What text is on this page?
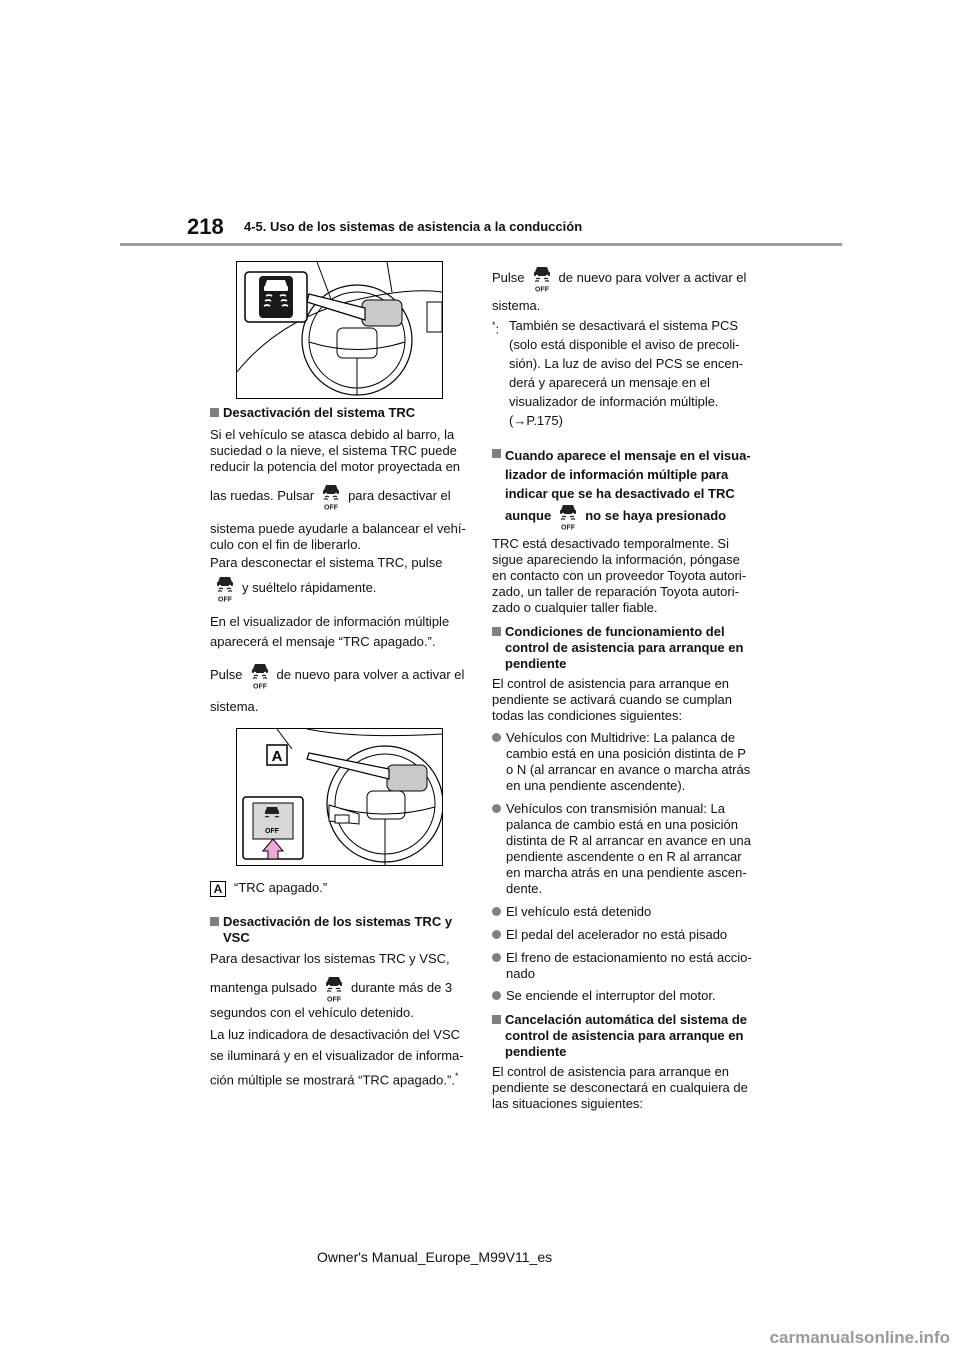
218 4-5. Uso de los sistemas de asistencia a la conducción

Desactivación del sistema TRC

Si el vehículo se atasca debido al barro, la

suciedad o la nieve, el sistema TRC puede

reducir la potencia del motor proyectada en

las ruedas. Pulsar	para desactivar el

sistema puede ayudarle a balancear el vehí-

culo con el fin de liberarlo.

Para desconectar el sistema TRC, pulse

y suéltelo rápidamente.

En el visualizador de información múltiple

aparecerá el mensaje “TRC apagado.”.

Pulse	de nuevo para volver a activar el

sistema.

A
OFF
A “TRC apagado.”

Desactivación de los sistemas TRC y

VSC

Para desactivar los sistemas TRC y VSC,

mantenga pulsado	durante más de 3

segundos con el vehículo detenido.

La luz indicadora de desactivación del VSC

se iluminará y en el visualizador de informa-

ción múltiple se mostrará “TRC apagado.”.*

Pulse	de nuevo para volver a activar el

sistema.

*: También se desactivará el sistema PCS

(solo está disponible el aviso de precoli-

sión). La luz de aviso del PCS se encen-

derá y aparecerá un mensaje en el

visualizador de información múltiple.

(→P.175)

Cuando aparece el mensaje en el visua-

lizador de información múltiple para

indicar que se ha desactivado el TRC

aunque	no se haya presionado

TRC está desactivado temporalmente. Si

sigue apareciendo la información, póngase

en contacto con un proveedor Toyota autori-

zado, un taller de reparación Toyota autori-

zado o cualquier taller fiable.

Condiciones de funcionamiento del

control de asistencia para arranque en

pendiente

El control de asistencia para arranque en

pendiente se activará cuando se cumplan

todas las condiciones siguientes:

Vehículos con Multidrive: La palanca de

cambio está en una posición distinta de P

o N (al arrancar en avance o marcha atrás

en una pendiente ascendente).

Vehículos con transmisión manual: La

palanca de cambio está en una posición

distinta de R al arrancar en avance en una

pendiente ascendente o en R al arrancar

en marcha atrás en una pendiente ascen-

dente.

El vehículo está detenido

El pedal del acelerador no está pisado

El freno de estacionamiento no está accio-

nado

Se enciende el interruptor del motor.

Cancelación automática del sistema de

control de asistencia para arranque en

pendiente

El control de asistencia para arranque en

pendiente se desconectará en cualquiera de

las situaciones siguientes:

Owner's Manual_Europe_M99V11_es
carmanualsonline.info
